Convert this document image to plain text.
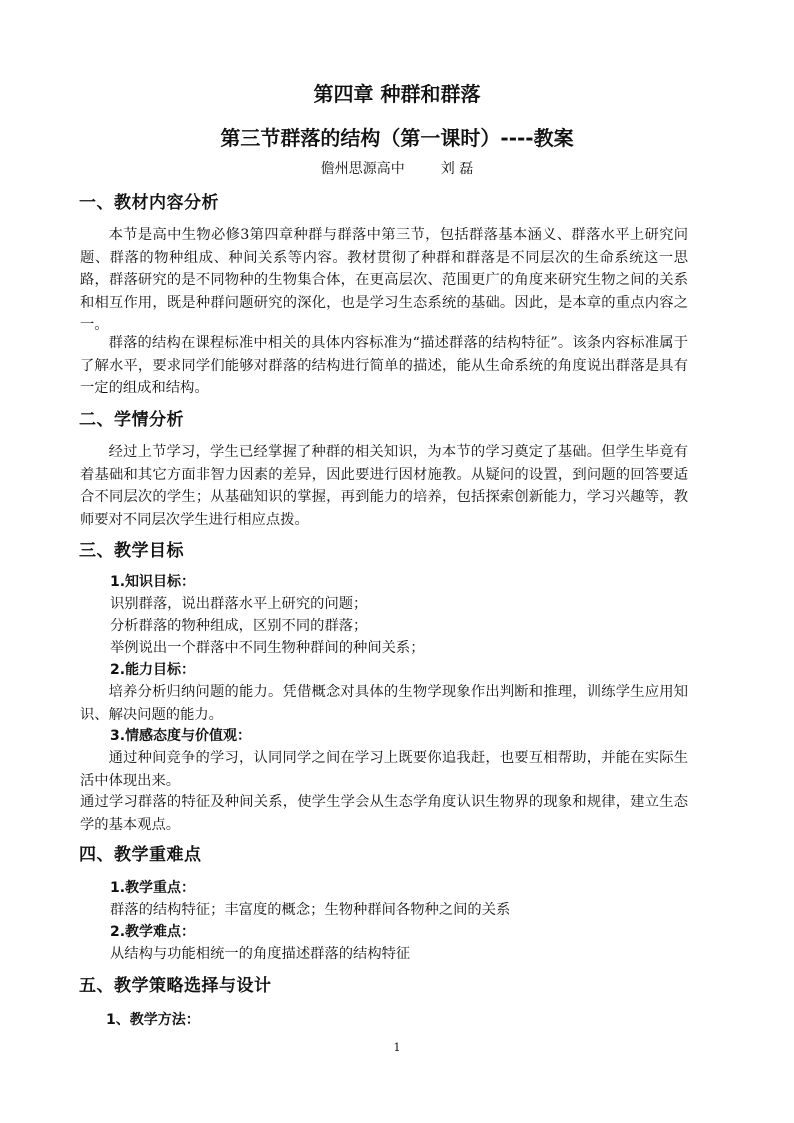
第四章 种群和群落
第三节群落的结构（第一课时）----教案
儋州思源高中	刘 磊
一、教材内容分析
本节是高中生物必修3第四章种群与群落中第三节，包括群落基本涵义、群落水平上研究问题、群落的物种组成、种间关系等内容。教材贯彻了种群和群落是不同层次的生命系统这一思路，群落研究的是不同物种的生物集合体，在更高层次、范围更广的角度来研究生物之间的关系和相互作用，既是种群问题研究的深化，也是学习生态系统的基础。因此，是本章的重点内容之一。
群落的结构在课程标准中相关的具体内容标准为“描述群落的结构特征”。该条内容标准属于了解水平，要求同学们能够对群落的结构进行简单的描述，能从生命系统的角度说出群落是具有一定的组成和结构。
二、学情分析
经过上节学习，学生已经掌握了种群的相关知识，为本节的学习奠定了基础。但学生毕竟有着基础和其它方面非智力因素的差异，因此要进行因材施教。从疑问的设置，到问题的回答要适合不同层次的学生；从基础知识的掌握，再到能力的培养，包括探索创新能力，学习兴趣等，教师要对不同层次学生进行相应点拨。
三、教学目标
1.知识目标：
识别群落，说出群落水平上研究的问题；
分析群落的物种组成，区别不同的群落；
举例说出一个群落中不同生物种群间的种间关系；
2.能力目标：
培养分析归纳问题的能力。凭借概念对具体的生物学现象作出判断和推理，训练学生应用知识、解决问题的能力。
3.情感态度与价值观：
通过种间竞争的学习，认同同学之间在学习上既要你追我赶，也要互相帮助，并能在实际生活中体现出来。
通过学习群落的特征及种间关系，使学生学会从生态学角度认识生物界的现象和规律，建立生态学的基本观点。
四、教学重难点
1.教学重点：
群落的结构特征；丰富度的概念；生物种群间各物种之间的关系
2.教学难点：
从结构与功能相统一的角度描述群落的结构特征
五、教学策略选择与设计
1、教学方法：
1
